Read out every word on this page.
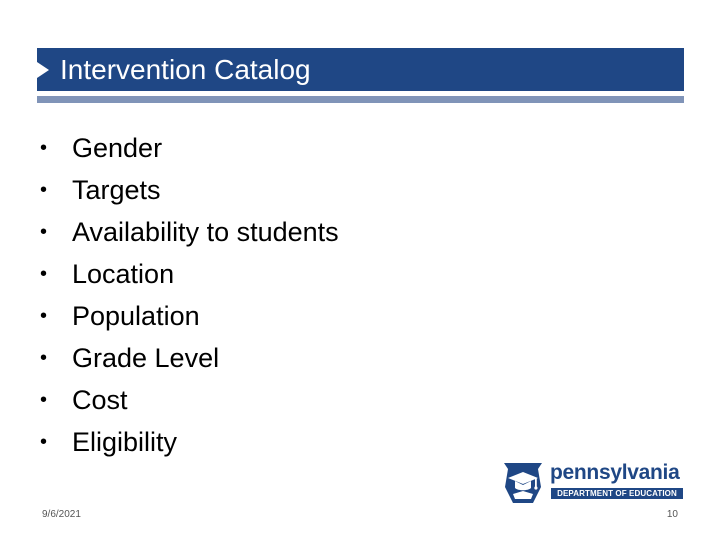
Intervention Catalog
• Gender
• Targets
• Availability to students
• Location
• Population
• Grade Level
• Cost
• Eligibility
pennsylvania
DEPARTMENT OF EDUCATION
9/6/2021	10
